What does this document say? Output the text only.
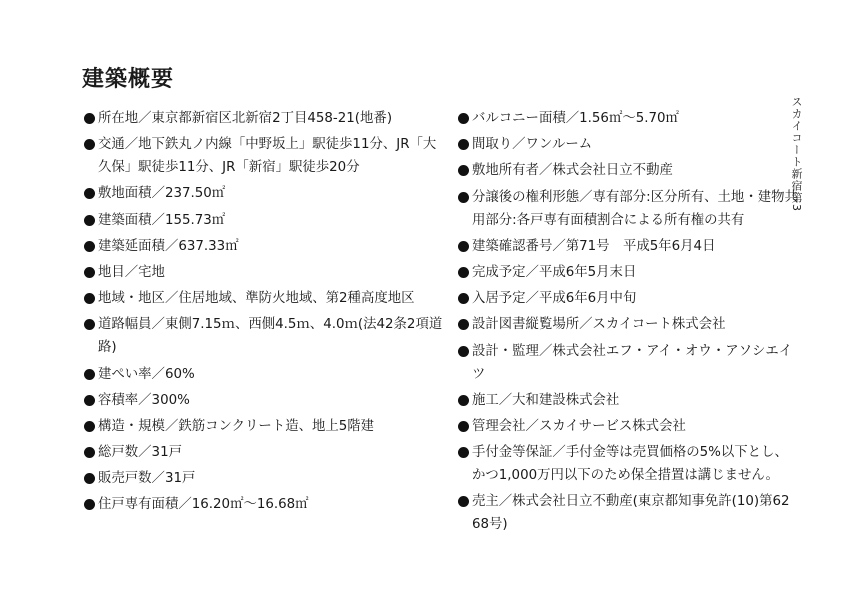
建築概要
所在地／東京都新宿区北新宿2丁目458-21(地番)
交通／地下鉄丸ノ内線「中野坂上」駅徒歩11分、JR「大久保」駅徒歩11分、JR「新宿」駅徒歩20分
敷地面積／237.50㎡
建築面積／155.73㎡
建築延面積／637.33㎡
地目／宅地
地域・地区／住居地域、準防火地域、第2種高度地区
道路幅員／東側7.15ｍ、西側4.5ｍ、4.0ｍ(法42条2項道路)
建ぺい率／60%
容積率／300%
構造・規模／鉄筋コンクリート造、地上5階建
総戸数／31戸
販売戸数／31戸
住戸専有面積／16.20㎡～16.68㎡
バルコニー面積／1.56㎡～5.70㎡
間取り／ワンルーム
敷地所有者／株式会社日立不動産
分譲後の権利形態／専有部分:区分所有、土地・建物共用部分:各戸専有面積割合による所有権の共有
建築確認番号／第71号　平成5年6月4日
完成予定／平成6年5月末日
入居予定／平成6年6月中旬
設計図書縦覧場所／スカイコート株式会社
設計・監理／株式会社エフ・アイ・オウ・アソシエイツ
施工／大和建設株式会社
管理会社／スカイサービス株式会社
手付金等保証／手付金等は売買価格の5%以下とし、かつ1,000万円以下のため保全措置は講じません。
売主／株式会社日立不動産(東京都知事免許(10)第6268号)
スカイコート新宿第3
